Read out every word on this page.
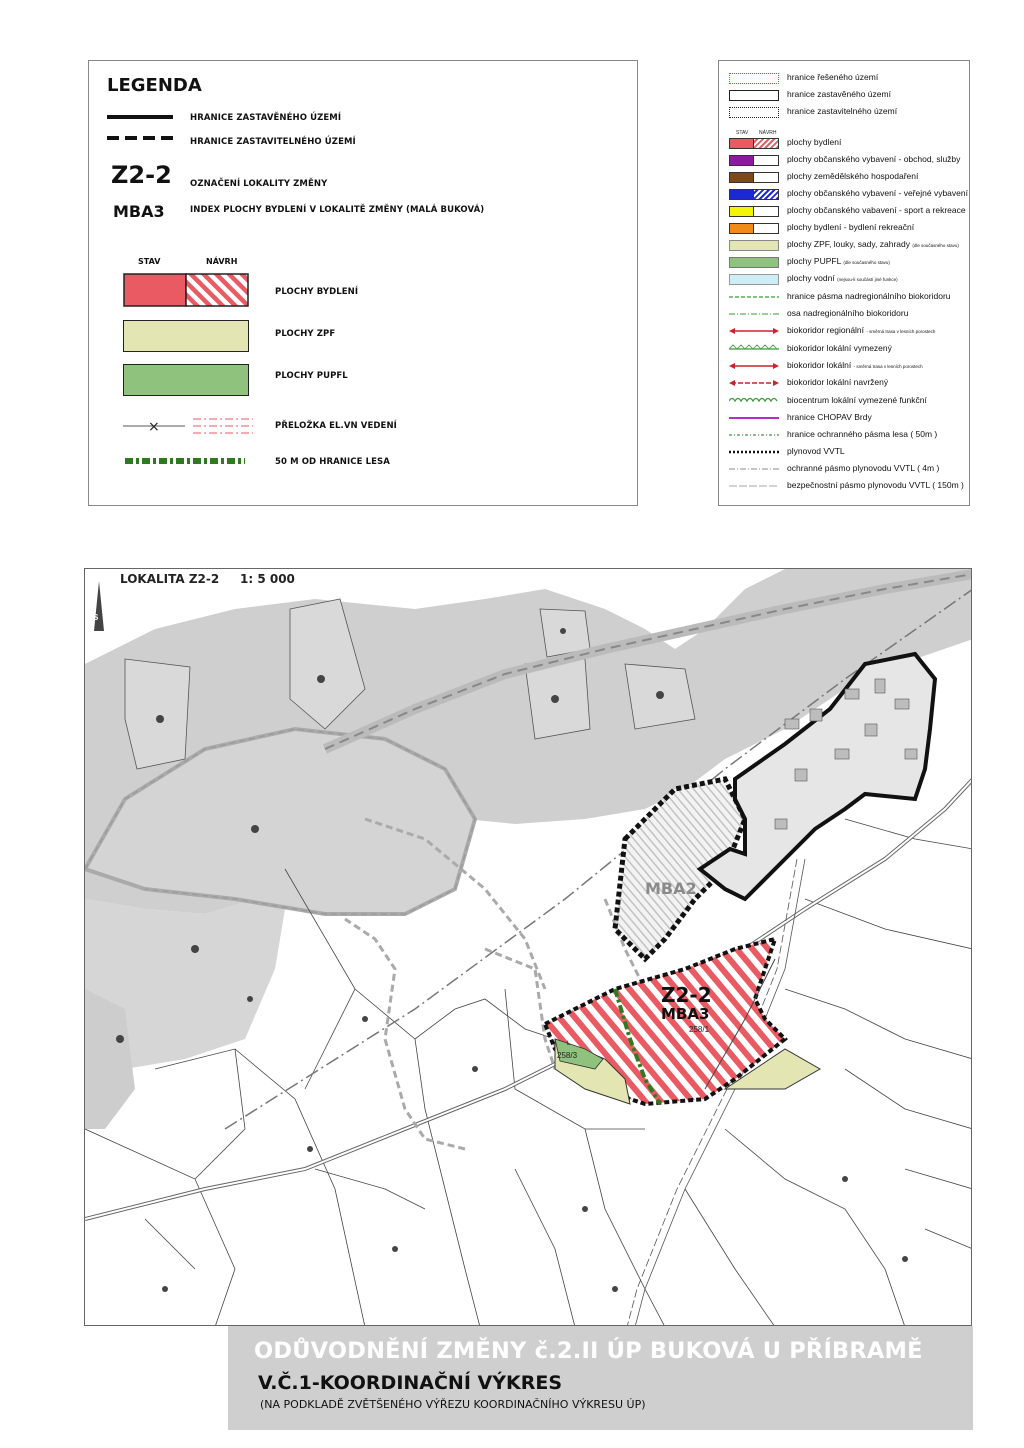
LEGENDA
HRANICE ZASTAVĚNÉHO ÚZEMÍ
HRANICE ZASTAVITELNÉHO ÚZEMÍ
Z2-2 OZNAČENÍ LOKALITY ZMĚNY
MBA3	INDEX PLOCHY BYDLENÍ V LOKALITĚ ZMĚNY (MALÁ BUKOVÁ)
STAV	NÁVRH
PLOCHY BYDLENÍ
PLOCHY ZPF
PLOCHY PUPFL
×	PŘELOŽKA EL.VN VEDENÍ
50 M OD HRANICE LESA
hranice řešeného území
hranice zastavěného území
hranice zastavitelného území
STAV NÁVRH
plochy bydlení
plochy občanského vybavení - obchod, služby
plochy zemědělského hospodaření
plochy občanského vybavení - veřejné vybavení
plochy občanského vabavení - sport a rekreace
plochy bydlení - bydlení rekreační
plochy ZPF, louky, sady, zahrady (dle současného stavu)
plochy PUPFL (dle současného stavu)
plochy vodní (nejsou-li součástí jiné funkce)
hranice pásma nadregionálního biokoridoru
osa nadregionálního biokoridoru
biokoridor regionální - směrná trasa v lesních porostech
biokoridor lokální vymezený
biokoridor lokální - směrná trasa v lesních porostech
biokoridor lokální navržený
biocentrum lokální vymezené funkční
hranice CHOPAV Brdy
hranice ochranného pásma lesa ( 50m )
plynovod VVTL
ochranné pásmo plynovodu VVTL ( 4m )
bezpečnostní pásmo plynovodu VVTL ( 150m )
S
MBA2
Z2-2
MBA3
258/1
258/3
L
LOKALITA Z2-2 1: 5 000
ODŮVODNĚNÍ ZMĚNY č.2.II ÚP BUKOVÁ U PŘÍBRAMĚ
V.Č.1-KOORDINAČNÍ VÝKRES
(NA PODKLADĚ ZVĚTŠENÉHO VÝŘEZU KOORDINAČNÍHO VÝKRESU ÚP)
